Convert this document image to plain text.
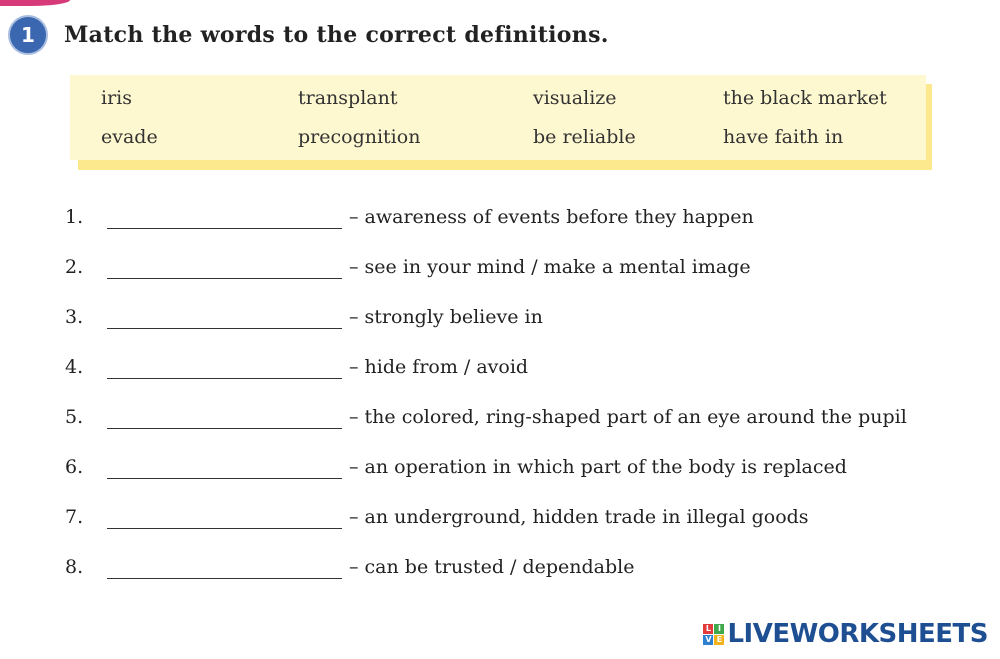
1	Match the words to the correct definitions.
iris	transplant	visualize	the black market
evade	precognition	be reliable	have faith in
1.	– awareness of events before they happen
2.	– see in your mind / make a mental image
3.	– strongly believe in
4.	– hide from / avoid
5.	– the colored, ring-shaped part of an eye around the pupil
6.	– an operation in which part of the body is replaced
7.	– an underground, hidden trade in illegal goods
8.	– can be trusted / dependable
L I
V E LIVEWORKSHEETS
